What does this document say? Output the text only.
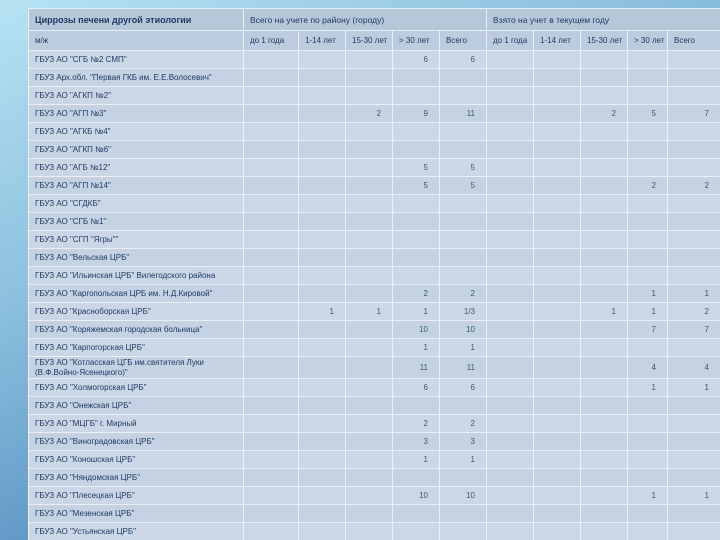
Циррозы печени другой этиологии	Всего на учете по району (городу)					Взято на учет в текущем году				
м/ж	до 1 года	1-14 лет	15-30 лет	> 30 лет	Всего	до 1 года	1-14 лет	15-30 лет	> 30 лет	Всего
ГБУЗ АО "СГБ №2 СМП"				6	6					
ГБУЗ Арх.обл. "Первая ГКБ им. Е.Е.Волосевич"										
ГБУЗ АО "АГКП №2"										
ГБУЗ АО "АГП №3"			2	9	11			2	5	7
ГБУЗ АО "АГКБ №4"										
ГБУЗ АО "АГКП №6"										
ГБУЗ АО "АГБ №12"				5	5					
ГБУЗ АО "АГП №14"				5	5				2	2
ГБУЗ АО "СГДКБ"										
ГБУЗ АО "СГБ №1"										
ГБУЗ АО "СГП "Ягры""										
ГБУЗ АО "Вельская ЦРБ"										
ГБУЗ АО "Ильинская ЦРБ" Вилегодского района										
ГБУЗ АО "Каргопольская ЦРБ им. Н.Д.Кировой"				2	2				1	1
ГБУЗ АО "Красноборская ЦРБ"		1	1	1	1/3			1	1	2
ГБУЗ АО "Коряжемская городская больница"				10	10				7	7
ГБУЗ АО "Карпогорская ЦРБ"				1	1					
ГБУЗ АО "Котласская ЦГБ им.святителя Луки (В.Ф.Войно-Ясенецкого)"				11	11				4	4
ГБУЗ АО "Холмогорская ЦРБ"				6	6				1	1
ГБУЗ АО "Онежская ЦРБ"										
ГБУЗ АО "МЦГБ" г. Мирный				2	2					
ГБУЗ АО "Виноградовская ЦРБ"				3	3					
ГБУЗ АО "Коношская ЦРБ"				1	1					
ГБУЗ АО "Няндомская ЦРБ"										
ГБУЗ АО "Плесецкая ЦРБ"				10	10				1	1
ГБУЗ АО "Мезенская ЦРБ"										
ГБУЗ АО "Устьянская ЦРБ"										
